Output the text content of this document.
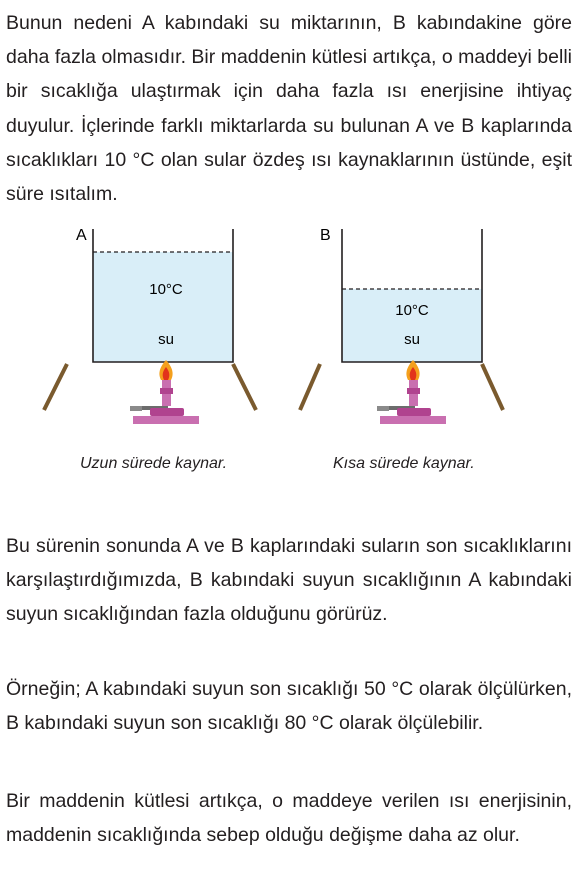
Bunun nedeni A kabındaki su miktarının, B kabındakine göre daha fazla olmasıdır. Bir maddenin kütlesi artıkça, o maddeyi belli bir sıcaklığa ulaştırmak için daha fazla ısı enerjisine ihtiyaç duyulur. İçlerinde farklı miktarlarda su bulunan A ve B kaplarında sıcaklıkları 10 °C olan sular özdeş ısı kaynaklarının üstünde, eşit süre ısıtalım.

A
10°C
su
B
10°C
su
Uzun sürede kaynar.	Kısa sürede kaynar.

Bu sürenin sonunda A ve B kaplarındaki suların son sıcaklıklarını karşılaştırdığımızda, B kabındaki suyun sıcaklığının A kabındaki suyun sıcaklığından fazla olduğunu görürüz.

Örneğin; A kabındaki suyun son sıcaklığı 50 °C olarak ölçülürken, B kabındaki suyun son sıcaklığı 80 °C olarak ölçülebilir.

Bir maddenin kütlesi artıkça, o maddeye verilen ısı enerjisinin, maddenin sıcaklığında sebep olduğu değişme daha az olur.
